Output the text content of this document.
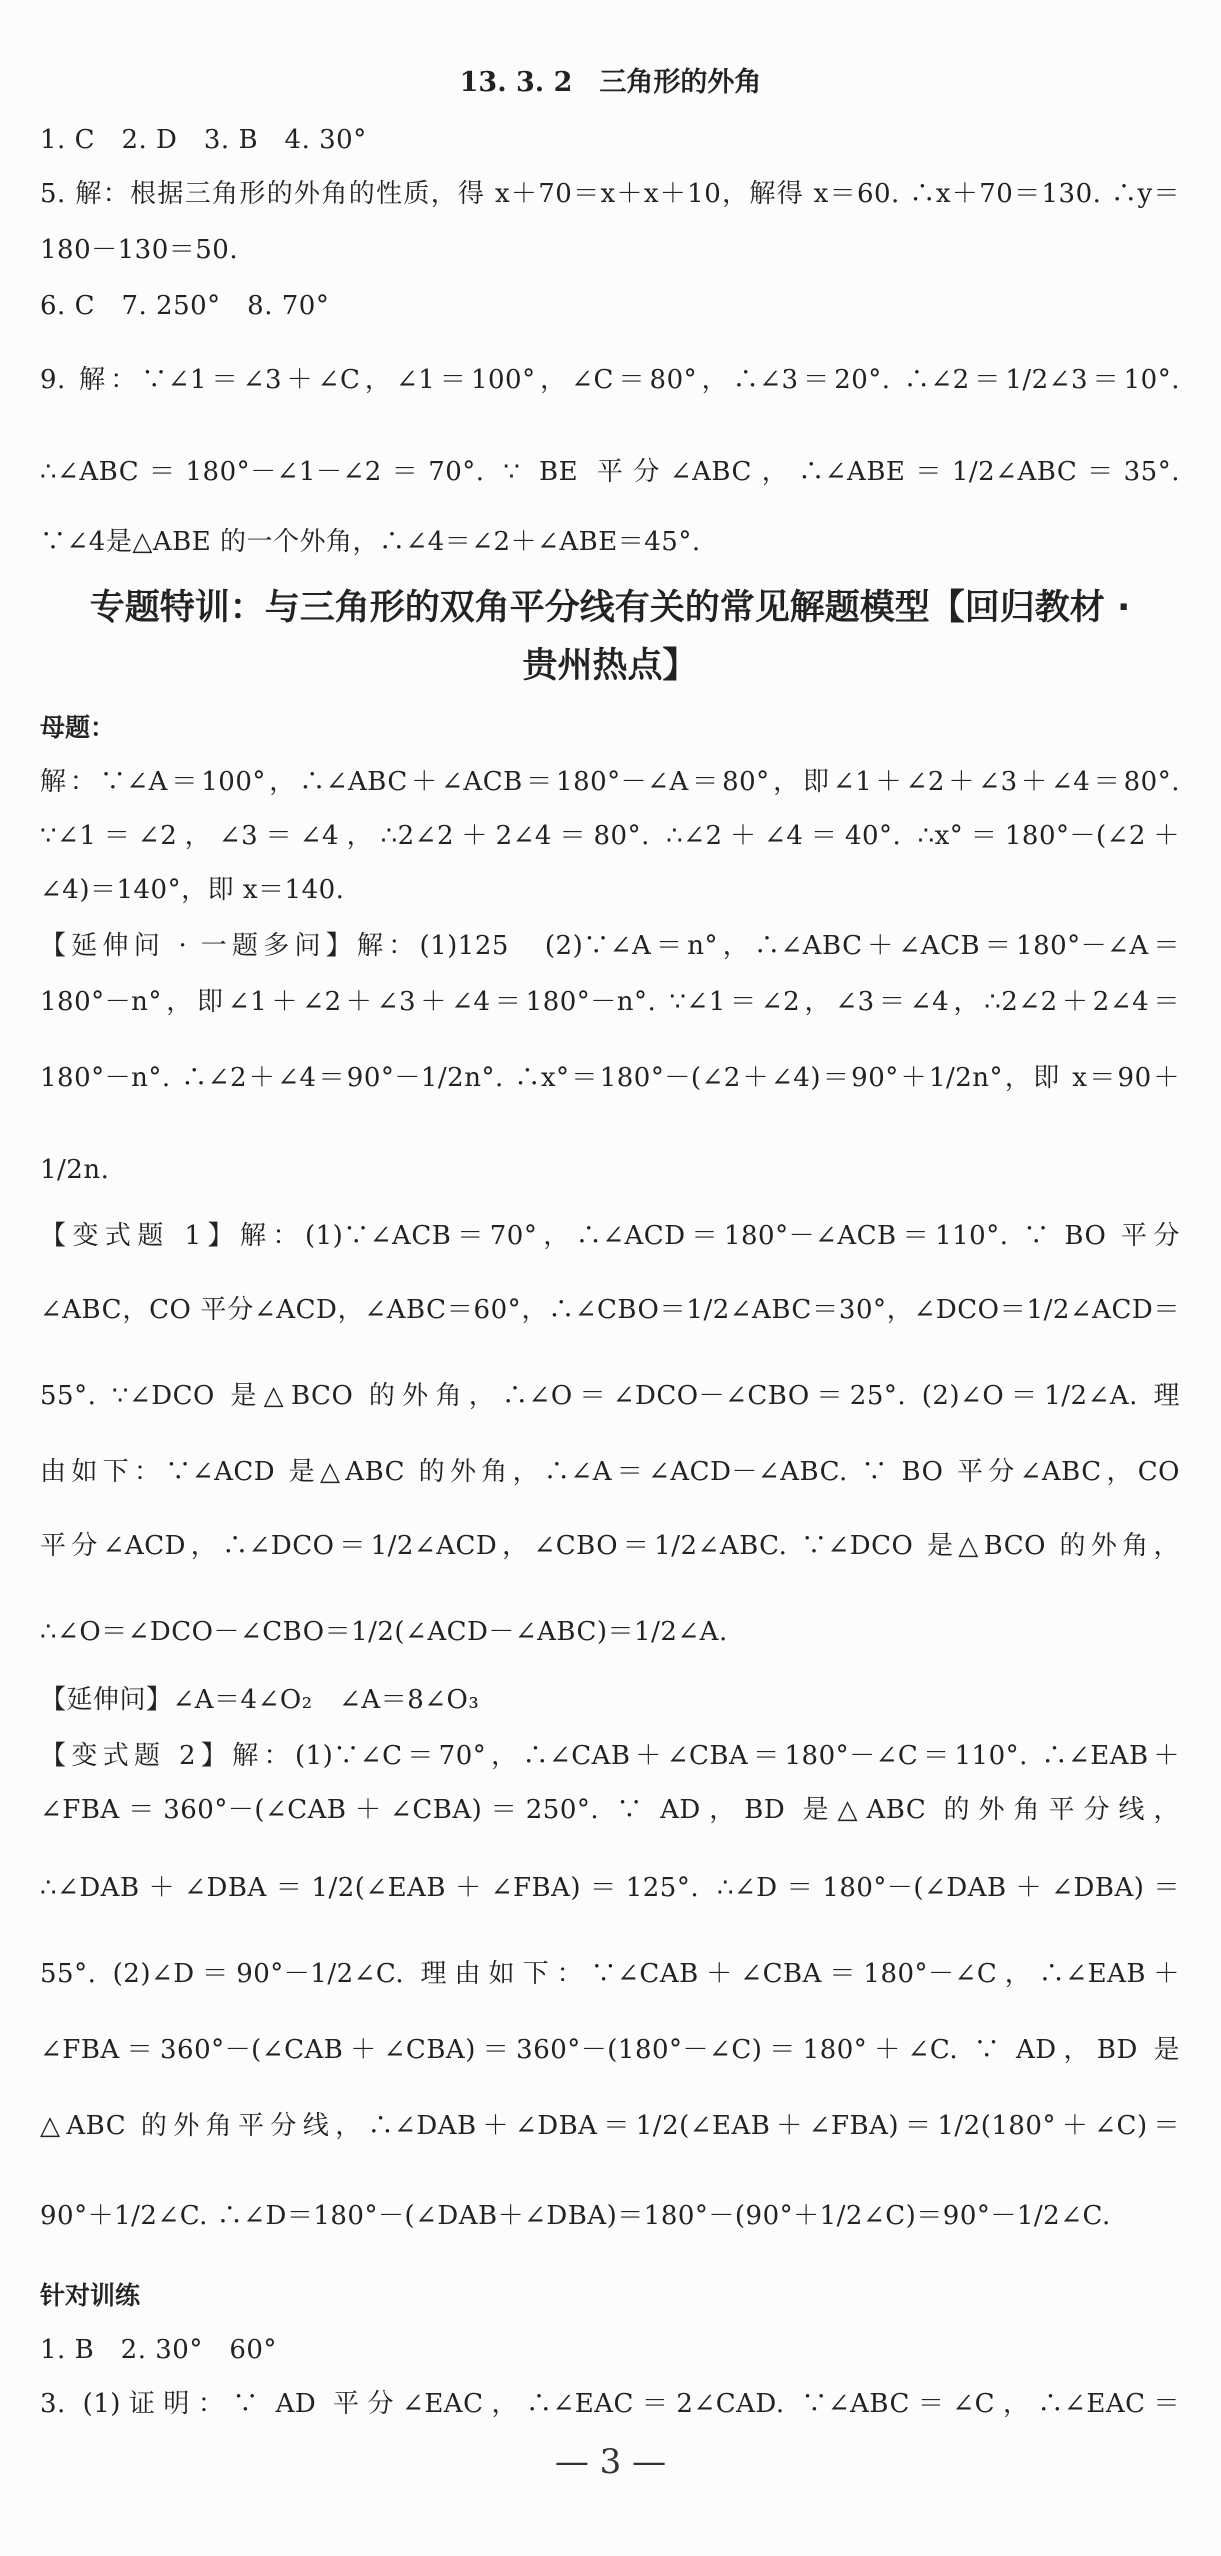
13. 3. 2　三角形的外角
1. C　2. D　3. B　4. 30°
5. 解：根据三角形的外角的性质，得 x＋70＝x＋x＋10，解得 x＝60. ∴x＋70＝130. ∴y＝
180－130＝50.
6. C　7. 250°　8. 70°
9. 解：∵∠1＝∠3＋∠C，∠1＝100°，∠C＝80°，∴∠3＝20°. ∴∠2＝1/2∠3＝10°.
∴∠ABC＝180°－∠1－∠2＝70°. ∵ BE 平分∠ABC，∴∠ABE＝1/2∠ABC＝35°.
∵∠4是△ABE 的一个外角，∴∠4＝∠2＋∠ABE＝45°.
专题特训：与三角形的双角平分线有关的常见解题模型【回归教材 ·
贵州热点】
母题：
解：∵∠A＝100°，∴∠ABC＋∠ACB＝180°－∠A＝80°，即∠1＋∠2＋∠3＋∠4＝80°.
∵∠1＝∠2，∠3＝∠4，∴2∠2＋2∠4＝80°. ∴∠2＋∠4＝40°. ∴x°＝180°－(∠2＋
∠4)＝140°，即 x＝140.
【延伸问 · 一题多问】解：(1)125　(2)∵∠A＝n°，∴∠ABC＋∠ACB＝180°－∠A＝
180°－n°，即∠1＋∠2＋∠3＋∠4＝180°－n°. ∵∠1＝∠2，∠3＝∠4，∴2∠2＋2∠4＝
180°－n°. ∴∠2＋∠4＝90°－1/2n°. ∴x°＝180°－(∠2＋∠4)＝90°＋1/2n°，即 x＝90＋
1/2n.
【变式题 1】解：(1)∵∠ACB＝70°，∴∠ACD＝180°－∠ACB＝110°. ∵ BO 平分
∠ABC，CO 平分∠ACD，∠ABC＝60°，∴∠CBO＝1/2∠ABC＝30°，∠DCO＝1/2∠ACD＝
55°. ∵∠DCO 是△BCO 的外角，∴∠O＝∠DCO－∠CBO＝25°. (2)∠O＝1/2∠A. 理
由如下：∵∠ACD 是△ABC 的外角，∴∠A＝∠ACD－∠ABC. ∵ BO 平分∠ABC，CO
平分∠ACD，∴∠DCO＝1/2∠ACD，∠CBO＝1/2∠ABC. ∵∠DCO 是△BCO 的外角，
∴∠O＝∠DCO－∠CBO＝1/2(∠ACD－∠ABC)＝1/2∠A.
【延伸问】∠A＝4∠O₂　∠A＝8∠O₃
【变式题 2】解：(1)∵∠C＝70°，∴∠CAB＋∠CBA＝180°－∠C＝110°. ∴∠EAB＋
∠FBA＝360°－(∠CAB＋∠CBA)＝250°. ∵ AD，BD 是△ABC 的外角平分线，
∴∠DAB＋∠DBA＝1/2(∠EAB＋∠FBA)＝125°. ∴∠D＝180°－(∠DAB＋∠DBA)＝
55°. (2)∠D＝90°－1/2∠C. 理由如下：∵∠CAB＋∠CBA＝180°－∠C，∴∠EAB＋
∠FBA＝360°－(∠CAB＋∠CBA)＝360°－(180°－∠C)＝180°＋∠C. ∵ AD，BD 是
△ABC 的外角平分线，∴∠DAB＋∠DBA＝1/2(∠EAB＋∠FBA)＝1/2(180°＋∠C)＝
90°＋1/2∠C. ∴∠D＝180°－(∠DAB＋∠DBA)＝180°－(90°＋1/2∠C)＝90°－1/2∠C.
针对训练
1. B　2. 30°　60°
3. (1)证明：∵ AD 平分∠EAC，∴∠EAC＝2∠CAD. ∵∠ABC＝∠C，∴∠EAC＝
— 3 —
